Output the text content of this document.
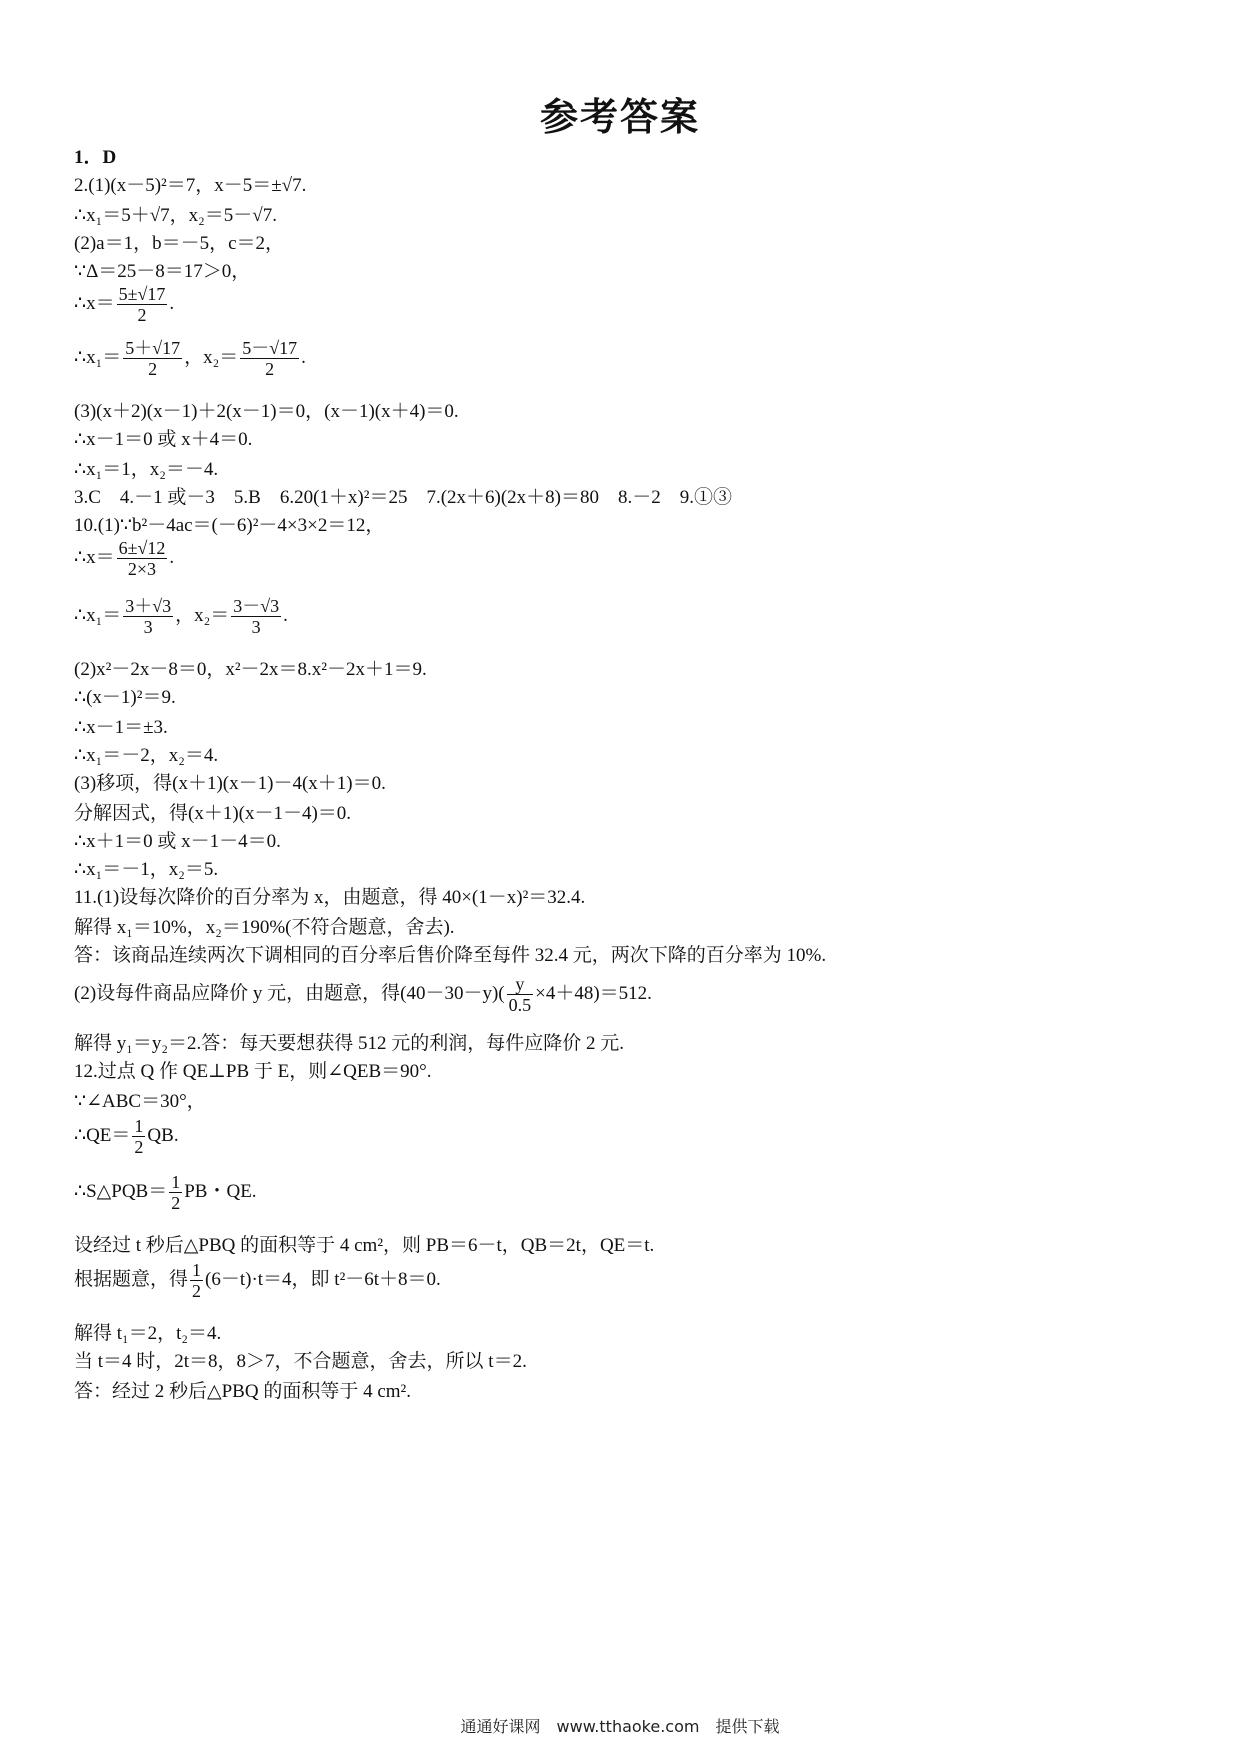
参考答案
1．D
2.(1)(x－5)²＝7，x－5＝±√7.
∴x₁＝5＋√7，x₂＝5－√7.
(2)a＝1，b＝－5，c＝2，
∵Δ＝25－8＝17＞0，
∴x＝ $\frac{5\pm√17}{2}$ .
∴x₁＝ $\frac{5+√17}{2}$ ，$x_2= \frac{5-√17}{2}$ .
(3)(x＋2)(x－1)＋2(x－1)＝0，(x－1)(x＋4)＝0.
∴x－1＝0 或 x＋4＝0.
∴x₁＝1，x₂＝－4.
3.C　4.－1 或－3　5.B　6.20(1＋x)²＝25　7.(2x＋6)(2x＋8)＝80　8.－2　9.①③
10.(1)∵b²－4ac＝(－6)²－4×3×2＝12，
∴x＝ $\frac{6\pm√12}{2\times 3}$ .
∴x₁＝ $\frac{3+√3}{3}$ ，$x_2= \frac{3-√3}{3}$ .
(2)x²－2x－8＝0，x²－2x＝8.x²－2x＋1＝9.
∴(x－1)²＝9.
∴x－1＝±3.
∴x₁＝－2，x₂＝4.
(3)移项，得(x＋1)(x－1)－4(x＋1)＝0.
分解因式，得(x＋1)(x－1－4)＝0.
∴x＋1＝0 或 x－1－4＝0.
∴x₁＝－1，x₂＝5.
11.(1)设每次降价的百分率为 x，由题意，得 40×(1－x)²＝32.4.
解得 x₁＝10%，x₂＝190%(不符合题意，舍去).
答：该商品连续两次下调相同的百分率后售价降至每件 32.4 元，两次下降的百分率为 10%.
(2)设每件商品应降价 y 元，由题意，得$(40-30-y)( \frac{y}{0.5} \times 4+48)=512$.
解得 y₁＝y₂＝2.答：每天要想获得 512 元的利润，每件应降价 2 元.
12.过点 Q 作 QE⊥PB 于 E，则∠QEB＝90°.
∵∠ABC＝30°，
∴QE＝ $\frac{1}{2}$ QB.
∴S△PQB＝ $\frac{1}{2}$ PB・QE.
设经过 t 秒后△PBQ 的面积等于 4 cm²，则 PB＝6－t，QB＝2t，QE＝t.
根据题意，得 $\frac{1}{2} (6-t)\cdot t=4$，即 t²－6t＋8＝0.
解得 t₁＝2，t₂＝4.
当 t＝4 时，2t＝8，8＞7，不合题意，舍去，所以 t＝2.
答：经过 2 秒后△PBQ 的面积等于 4 cm².
通通好课网　www.tthaoke.com　提供下载
